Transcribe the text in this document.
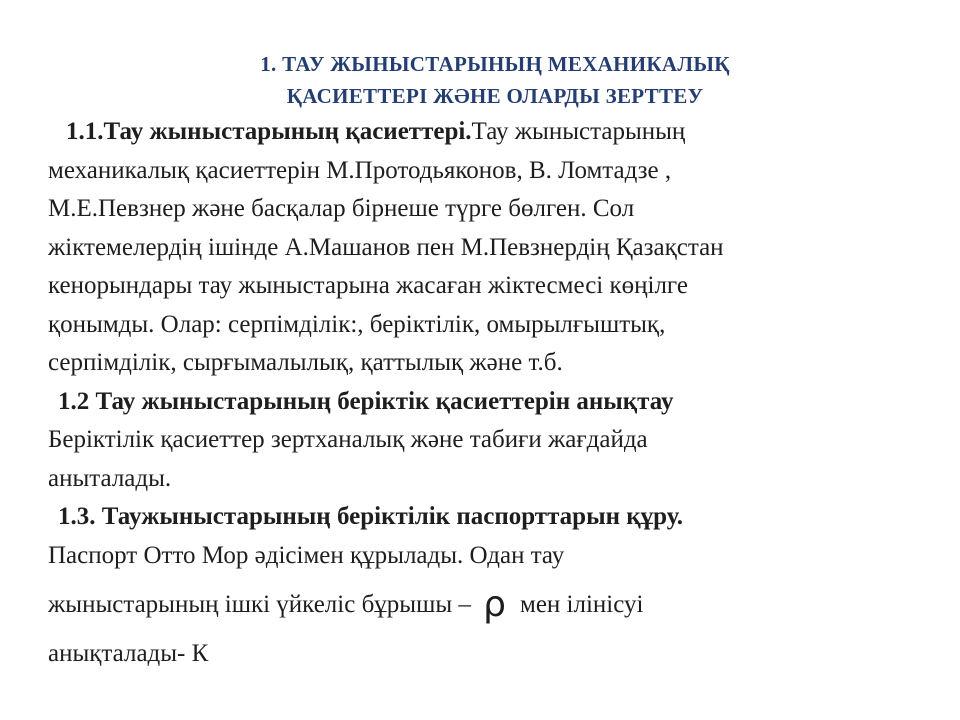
1. ТАУ ЖЫНЫСТАРЫНЫҢ МЕХАНИКАЛЫҚ
ҚАСИЕТТЕРІ ЖӘНЕ ОЛАРДЫ ЗЕРТТЕУ
1.1.Тау жыныстарының қасиеттері.Тау жыныстарының
механикалық қасиеттерін М.Протодьяконов, В. Ломтадзе ,
М.Е.Певзнер және басқалар бірнеше түрге бөлген. Сол
жіктемелердің ішінде А.Машанов пен М.Певзнердің Қазақстан
кенорындары тау жыныстарына жасаған жіктесмесі көңілге
қонымды. Олар: серпімділік:, беріктілік, омырылғыштық,
серпімділік, сырғымалылық, қаттылық және т.б.
1.2 Тау жыныстарының беріктік қасиеттерін анықтау
Беріктілік қасиеттер зертханалық және табиғи жағдайда
аныталады.
1.3. Таужыныстарының беріктілік паспорттарын құру.
Паспорт Отто Мор әдісімен құрылады. Одан тау
жыныстарының ішкі үйкеліс бұрышы – ρ мен ілінісуі
анықталады- К
